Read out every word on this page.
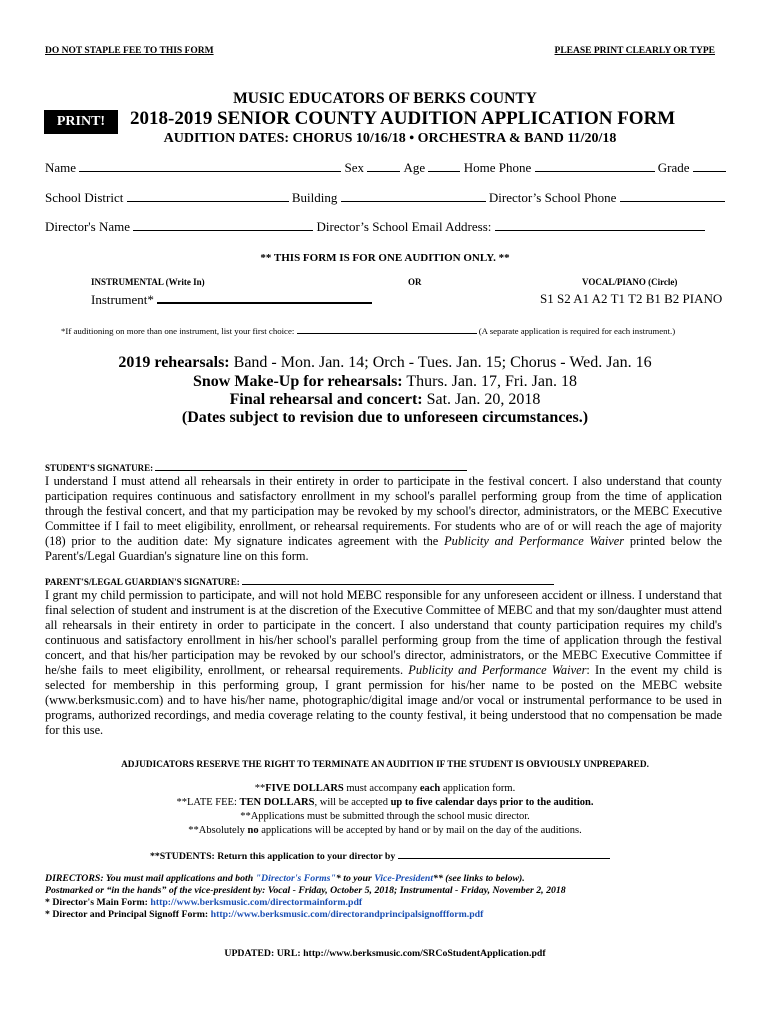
DO NOT STAPLE FEE TO THIS FORM	PLEASE PRINT CLEARLY OR TYPE
MUSIC EDUCATORS OF BERKS COUNTY
PRINT!	2018-2019 SENIOR COUNTY AUDITION APPLICATION FORM
AUDITION DATES: CHORUS 10/16/18 • ORCHESTRA & BAND 11/20/18
Name	Sex	Age	Home Phone	Grade
School District	Building	Director’s School Phone
Director's Name	Director’s School Email Address:
** THIS FORM IS FOR ONE AUDITION ONLY. **
INSTRUMENTAL (Write In)	OR	VOCAL/PIANO (Circle)
Instrument*	S1 S2 A1 A2 T1 T2 B1 B2 PIANO
*If auditioning on more than one instrument, list your first choice:	(A separate application is required for each instrument.)
2019 rehearsals: Band - Mon. Jan. 14; Orch - Tues. Jan. 15; Chorus - Wed. Jan. 16
Snow Make-Up for rehearsals: Thurs. Jan. 17, Fri. Jan. 18
Final rehearsal and concert: Sat. Jan. 20, 2018
(Dates subject to revision due to unforeseen circumstances.)
STUDENT'S SIGNATURE:
I understand I must attend all rehearsals in their entirety in order to participate in the festival concert. I also understand that county participation requires continuous and satisfactory enrollment in my school's parallel performing group from the time of application through the festival concert, and that my participation may be revoked by my school's director, administrators, or the MEBC Executive Committee if I fail to meet eligibility, enrollment, or rehearsal requirements. For students who are of or will reach the age of majority (18) prior to the audition date: My signature indicates agreement with the Publicity and Performance Waiver printed below the Parent's/Legal Guardian's signature line on this form.
PARENT'S/LEGAL GUARDIAN'S SIGNATURE:
I grant my child permission to participate, and will not hold MEBC responsible for any unforeseen accident or illness. I understand that final selection of student and instrument is at the discretion of the Executive Committee of MEBC and that my son/daughter must attend all rehearsals in their entirety in order to participate in the concert. I also understand that county participation requires my child's continuous and satisfactory enrollment in his/her school's parallel performing group from the time of application through the festival concert, and that his/her participation may be revoked by our school's director, administrators, or the MEBC Executive Committee if he/she fails to meet eligibility, enrollment, or rehearsal requirements. Publicity and Performance Waiver: In the event my child is selected for membership in this performing group, I grant permission for his/her name to be posted on the MEBC website (www.berksmusic.com) and to have his/her name, photographic/digital image and/or vocal or instrumental performance to be used in programs, authorized recordings, and media coverage relating to the county festival, it being understood that no compensation be made for this use.
ADJUDICATORS RESERVE THE RIGHT TO TERMINATE AN AUDITION IF THE STUDENT IS OBVIOUSLY UNPREPARED.
**FIVE DOLLARS must accompany each application form.
**LATE FEE: TEN DOLLARS, will be accepted up to five calendar days prior to the audition.
**Applications must be submitted through the school music director.
**Absolutely no applications will be accepted by hand or by mail on the day of the auditions.
**STUDENTS: Return this application to your director by
DIRECTORS: You must mail applications and both "Director's Forms"* to your Vice-President** (see links to below).
Postmarked or “in the hands” of the vice-president by: Vocal - Friday, October 5, 2018; Instrumental - Friday, November 2, 2018
* Director's Main Form: http://www.berksmusic.com/directormainform.pdf
* Director and Principal Signoff Form: http://www.berksmusic.com/directorandprincipalsignoffform.pdf
UPDATED: URL: http://www.berksmusic.com/SRCoStudentApplication.pdf
